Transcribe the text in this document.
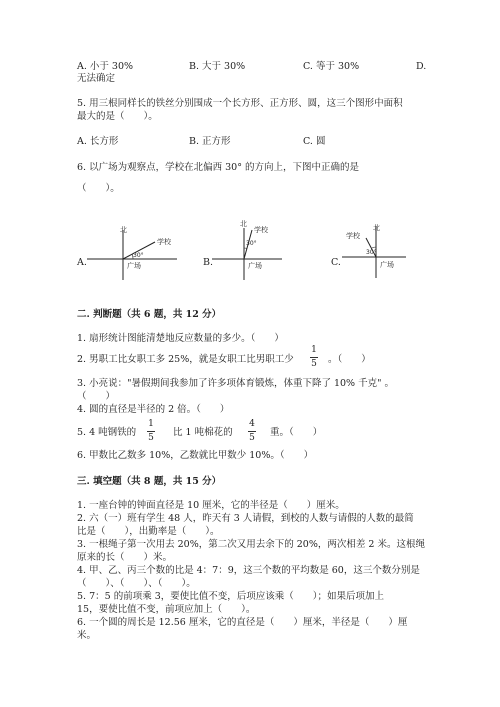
A. 小于 30%	B. 大于 30%	C. 等于 30%	D.
无法确定
5. 用三根同样长的铁丝分别围成一个长方形、正方形、圆，这三个图形中面积
最大的是（　　）。
A. 长方形	B. 正方形	C. 圆
6. 以广场为观察点，学校在北偏西 30° 的方向上，下图中正确的是
（　　）。
A.
北
学校
广场
30°
B.
北
学校
广场
30°
C.
北
学校
广场
30°
二. 判断题（共 6 题，共 12 分）
1. 扇形统计图能清楚地反应数量的多少。（　　）
2. 男职工比女职工多 25%，就是女职工比男职工少
1
5	。（　　）
3. 小亮说："暑假期间我参加了许多项体育锻炼，体重下降了 10% 千克" 。
（　　）
4. 圆的直径是半径的 2 倍。（　　）
5. 4 吨钢铁的
1
5	比 1 吨棉花的
4
5	重。（　　）
6. 甲数比乙数多 10%，乙数就比甲数少 10%。（　　）
三. 填空题（共 8 题，共 15 分）
1. 一座台钟的钟面直径是 10 厘米，它的半径是（　　）厘米。
2. 六（一）班有学生 48 人，昨天有 3 人请假，到校的人数与请假的人数的最简
比是（　　），出勤率是（　　）。
3. 一根绳子第一次用去 20%，第二次又用去余下的 20%，两次相差 2 米。这根绳
原来的长（　　）米。
4. 甲、乙、丙三个数的比是 4：7：9，这三个数的平均数是 60，这三个数分别是
（　　）、（　　）、（　　）。
5. 7：5 的前项乘 3，要使比值不变，后项应该乘（　　）；如果后项加上
15，要使比值不变，前项应加上（　　）。
6. 一个圆的周长是 12.56 厘米，它的直径是（　　）厘米，半径是（　　）厘
米。
